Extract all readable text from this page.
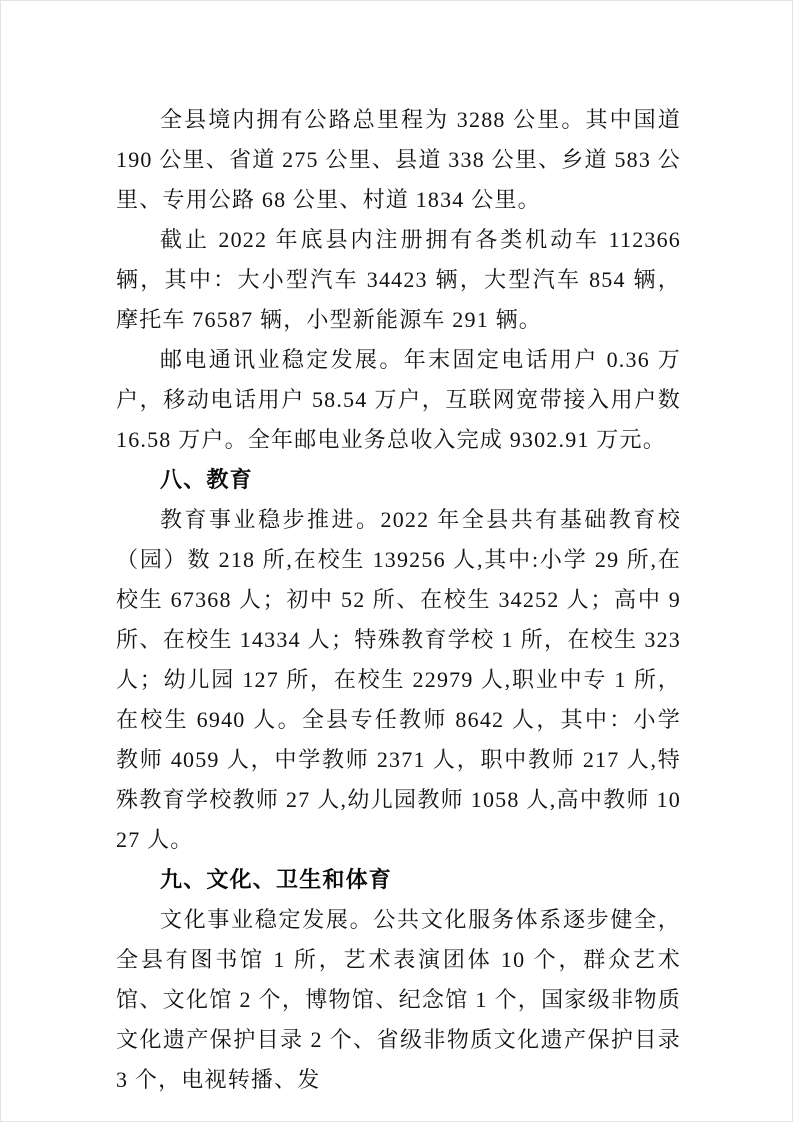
全县境内拥有公路总里程为 3288 公里。其中国道 190 公里、省道 275 公里、县道 338 公里、乡道 583 公里、专用公路 68 公里、村道 1834 公里。

截止 2022 年底县内注册拥有各类机动车 112366 辆，其中：大小型汽车 34423 辆，大型汽车 854 辆，摩托车 76587 辆，小型新能源车 291 辆。

邮电通讯业稳定发展。年末固定电话用户 0.36 万户，移动电话用户 58.54 万户，互联网宽带接入用户数 16.58 万户。全年邮电业务总收入完成 9302.91 万元。

八、教育

教育事业稳步推进。2022 年全县共有基础教育校（园）数 218 所,在校生 139256 人,其中:小学 29 所,在校生 67368 人；初中 52 所、在校生 34252 人；高中 9 所、在校生 14334 人；特殊教育学校 1 所，在校生 323 人；幼儿园 127 所，在校生 22979 人,职业中专 1 所，在校生 6940 人。全县专任教师 8642 人，其中：小学教师 4059 人，中学教师 2371 人，职中教师 217 人,特殊教育学校教师 27 人,幼儿园教师 1058 人,高中教师 1027 人。

九、文化、卫生和体育

文化事业稳定发展。公共文化服务体系逐步健全，全县有图书馆 1 所，艺术表演团体 10 个，群众艺术馆、文化馆 2 个，博物馆、纪念馆 1 个，国家级非物质文化遗产保护目录 2 个、省级非物质文化遗产保护目录 3 个，电视转播、发
